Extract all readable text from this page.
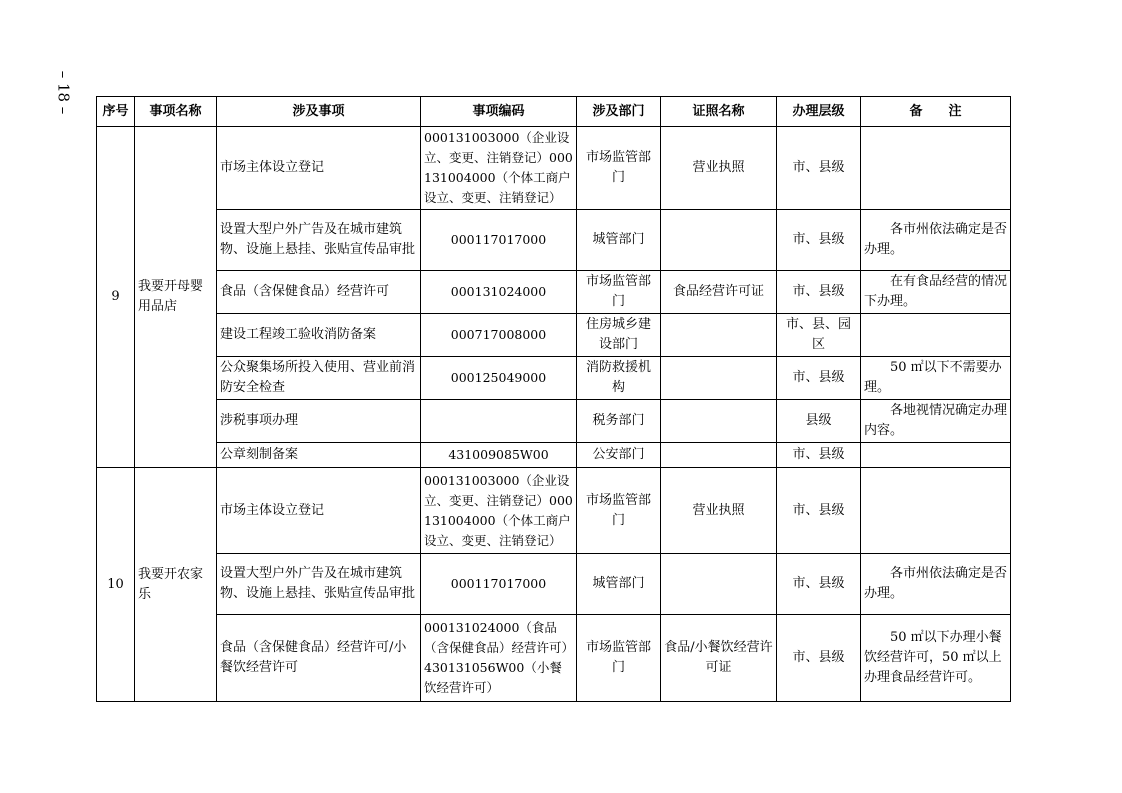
– 18 – 序号	事项名称	涉及事项	事项编码	涉及部门	证照名称	办理层级	备　　注
9	我要开母婴用品店	市场主体设立登记	000131003000（企业设立、变更、注销登记）000131004000（个体工商户设立、变更、注销登记）	市场监管部门	营业执照	市、县级	
		设置大型户外广告及在城市建筑物、设施上悬挂、张贴宣传品审批	000117017000	城管部门		市、县级	各市州依法确定是否办理。
		食品（含保健食品）经营许可	000131024000	市场监管部门	食品经营许可证	市、县级	在有食品经营的情况下办理。
		建设工程竣工验收消防备案	000717008000	住房城乡建设部门		市、县、园区	
		公众聚集场所投入使用、营业前消防安全检查	000125049000	消防救援机构		市、县级	50 ㎡以下不需要办理。
		涉税事项办理		税务部门		县级	各地视情况确定办理内容。
		公章刻制备案	431009085W00	公安部门		市、县级	
10	我要开农家乐	市场主体设立登记	000131003000（企业设立、变更、注销登记）000131004000（个体工商户设立、变更、注销登记）	市场监管部门	营业执照	市、县级	
		设置大型户外广告及在城市建筑物、设施上悬挂、张贴宣传品审批	000117017000	城管部门		市、县级	各市州依法确定是否办理。
		食品（含保健食品）经营许可/小餐饮经营许可	000131024000（食品（含保健食品）经营许可）430131056W00（小餐饮经营许可）	市场监管部门	食品/小餐饮经营许可证	市、县级	50 ㎡以下办理小餐饮经营许可，50 ㎡以上办理食品经营许可。
